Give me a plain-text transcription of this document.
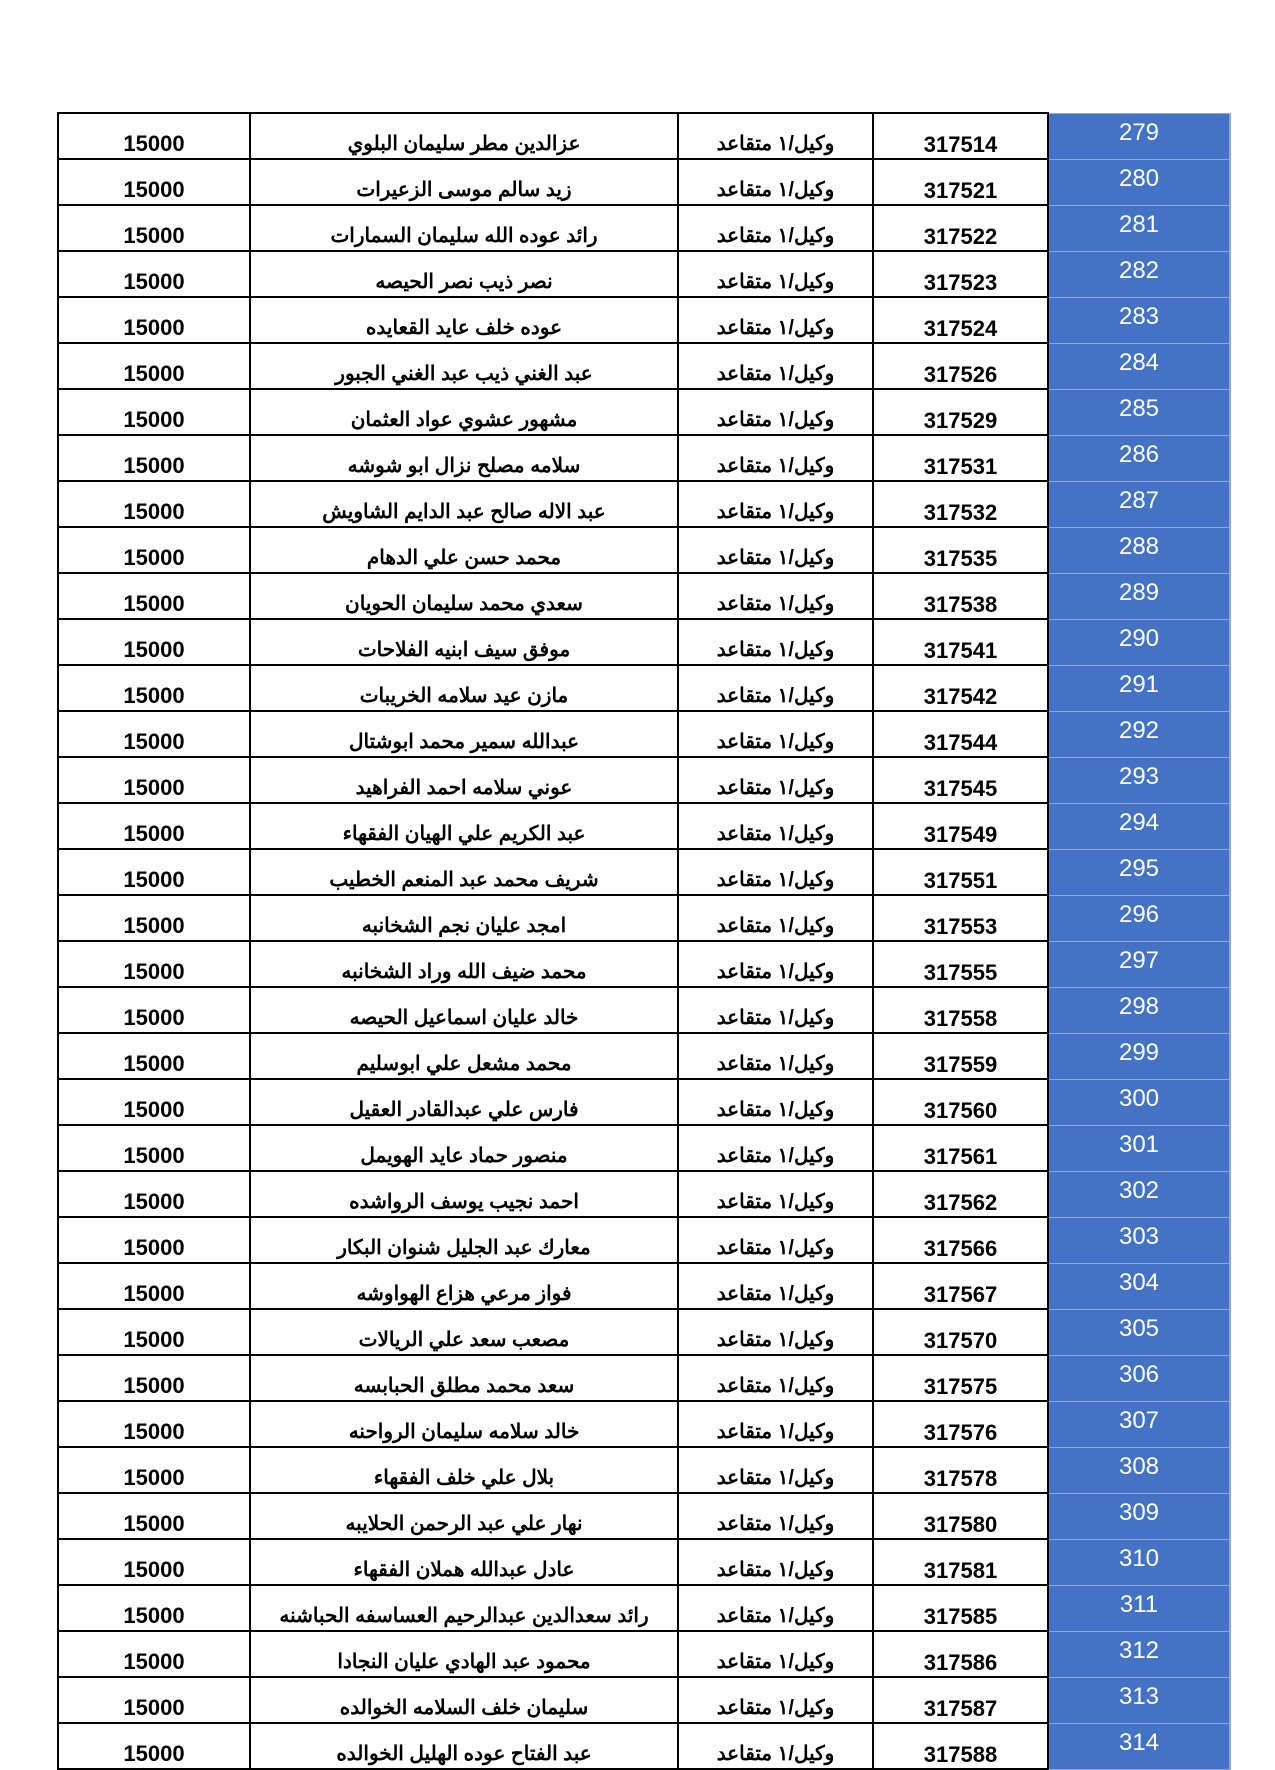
15000	عزالدين مطر سليمان البلوي	وكيل/١ متقاعد	317514	279
15000	زيد سالم موسى الزعيرات	وكيل/١ متقاعد	317521	280
15000	رائد عوده الله سليمان السمارات	وكيل/١ متقاعد	317522	281
15000	نصر ذيب نصر الحيصه	وكيل/١ متقاعد	317523	282
15000	عوده خلف عايد القعايده	وكيل/١ متقاعد	317524	283
15000	عبد الغني ذيب عبد الغني الجبور	وكيل/١ متقاعد	317526	284
15000	مشهور عشوي عواد العثمان	وكيل/١ متقاعد	317529	285
15000	سلامه مصلح نزال ابو شوشه	وكيل/١ متقاعد	317531	286
15000	عبد الاله صالح عبد الدايم الشاويش	وكيل/١ متقاعد	317532	287
15000	محمد حسن علي الدهام	وكيل/١ متقاعد	317535	288
15000	سعدي محمد سليمان الحويان	وكيل/١ متقاعد	317538	289
15000	موفق سيف ابنيه الفلاحات	وكيل/١ متقاعد	317541	290
15000	مازن عيد سلامه الخريبات	وكيل/١ متقاعد	317542	291
15000	عبدالله سمير محمد ابوشتال	وكيل/١ متقاعد	317544	292
15000	عوني سلامه احمد الفراهيد	وكيل/١ متقاعد	317545	293
15000	عبد الكريم علي الهيان الفقهاء	وكيل/١ متقاعد	317549	294
15000	شريف محمد عبد المنعم الخطيب	وكيل/١ متقاعد	317551	295
15000	امجد عليان نجم الشخانبه	وكيل/١ متقاعد	317553	296
15000	محمد ضيف الله وراد الشخانبه	وكيل/١ متقاعد	317555	297
15000	خالد عليان اسماعيل الحيصه	وكيل/١ متقاعد	317558	298
15000	محمد مشعل علي ابوسليم	وكيل/١ متقاعد	317559	299
15000	فارس علي عبدالقادر العقيل	وكيل/١ متقاعد	317560	300
15000	منصور حماد عايد الهويمل	وكيل/١ متقاعد	317561	301
15000	احمد نجيب يوسف الرواشده	وكيل/١ متقاعد	317562	302
15000	معارك عبد الجليل شنوان البكار	وكيل/١ متقاعد	317566	303
15000	فواز مرعي هزاع الهواوشه	وكيل/١ متقاعد	317567	304
15000	مصعب سعد علي الريالات	وكيل/١ متقاعد	317570	305
15000	سعد محمد مطلق الحبابسه	وكيل/١ متقاعد	317575	306
15000	خالد سلامه سليمان الرواحنه	وكيل/١ متقاعد	317576	307
15000	بلال علي خلف الفقهاء	وكيل/١ متقاعد	317578	308
15000	نهار علي عبد الرحمن الحلايبه	وكيل/١ متقاعد	317580	309
15000	عادل عبدالله هملان الفقهاء	وكيل/١ متقاعد	317581	310
15000	رائد سعدالدين عبدالرحيم العساسفه الحباشنه	وكيل/١ متقاعد	317585	311
15000	محمود عبد الهادي عليان النجادا	وكيل/١ متقاعد	317586	312
15000	سليمان خلف السلامه الخوالده	وكيل/١ متقاعد	317587	313
15000	عبد الفتاح عوده الهليل الخوالده	وكيل/١ متقاعد	317588	314
